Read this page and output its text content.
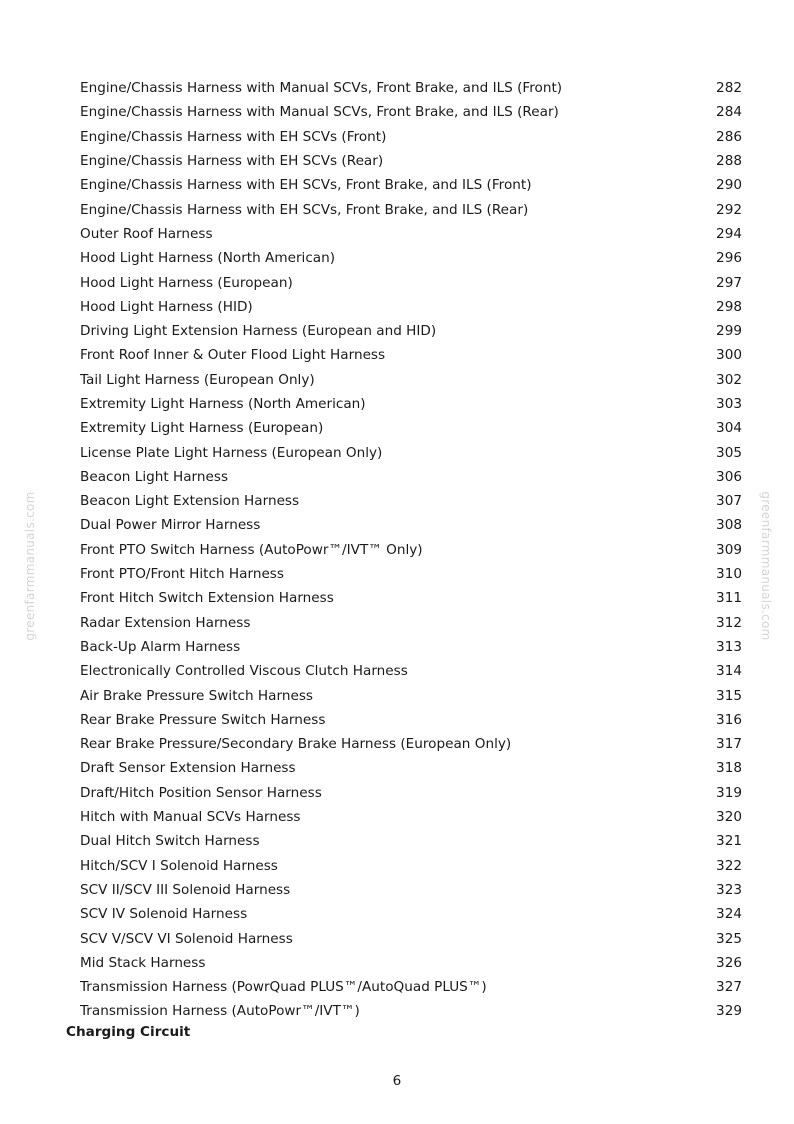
greenfarmmanuals.com	greenfarmmanuals.com
Engine/Chassis Harness with Manual SCVs, Front Brake, and ILS (Front)	282
Engine/Chassis Harness with Manual SCVs, Front Brake, and ILS (Rear)	284
Engine/Chassis Harness with EH SCVs (Front)	286
Engine/Chassis Harness with EH SCVs (Rear)	288
Engine/Chassis Harness with EH SCVs, Front Brake, and ILS (Front)	290
Engine/Chassis Harness with EH SCVs, Front Brake, and ILS (Rear)	292
Outer Roof Harness	294
Hood Light Harness (North American)	296
Hood Light Harness (European)	297
Hood Light Harness (HID)	298
Driving Light Extension Harness (European and HID)	299
Front Roof Inner & Outer Flood Light Harness	300
Tail Light Harness (European Only)	302
Extremity Light Harness (North American)	303
Extremity Light Harness (European)	304
License Plate Light Harness (European Only)	305
Beacon Light Harness	306
Beacon Light Extension Harness	307
Dual Power Mirror Harness	308
Front PTO Switch Harness (AutoPowr™/IVT™ Only)	309
Front PTO/Front Hitch Harness	310
Front Hitch Switch Extension Harness	311
Radar Extension Harness	312
Back-Up Alarm Harness	313
Electronically Controlled Viscous Clutch Harness	314
Air Brake Pressure Switch Harness	315
Rear Brake Pressure Switch Harness	316
Rear Brake Pressure/Secondary Brake Harness (European Only)	317
Draft Sensor Extension Harness	318
Draft/Hitch Position Sensor Harness	319
Hitch with Manual SCVs Harness	320
Dual Hitch Switch Harness	321
Hitch/SCV I Solenoid Harness	322
SCV II/SCV III Solenoid Harness	323
SCV IV Solenoid Harness	324
SCV V/SCV VI Solenoid Harness	325
Mid Stack Harness	326
Transmission Harness (PowrQuad PLUS™/AutoQuad PLUS™)	327
Transmission Harness (AutoPowr™/IVT™)	329
Charging Circuit
6
